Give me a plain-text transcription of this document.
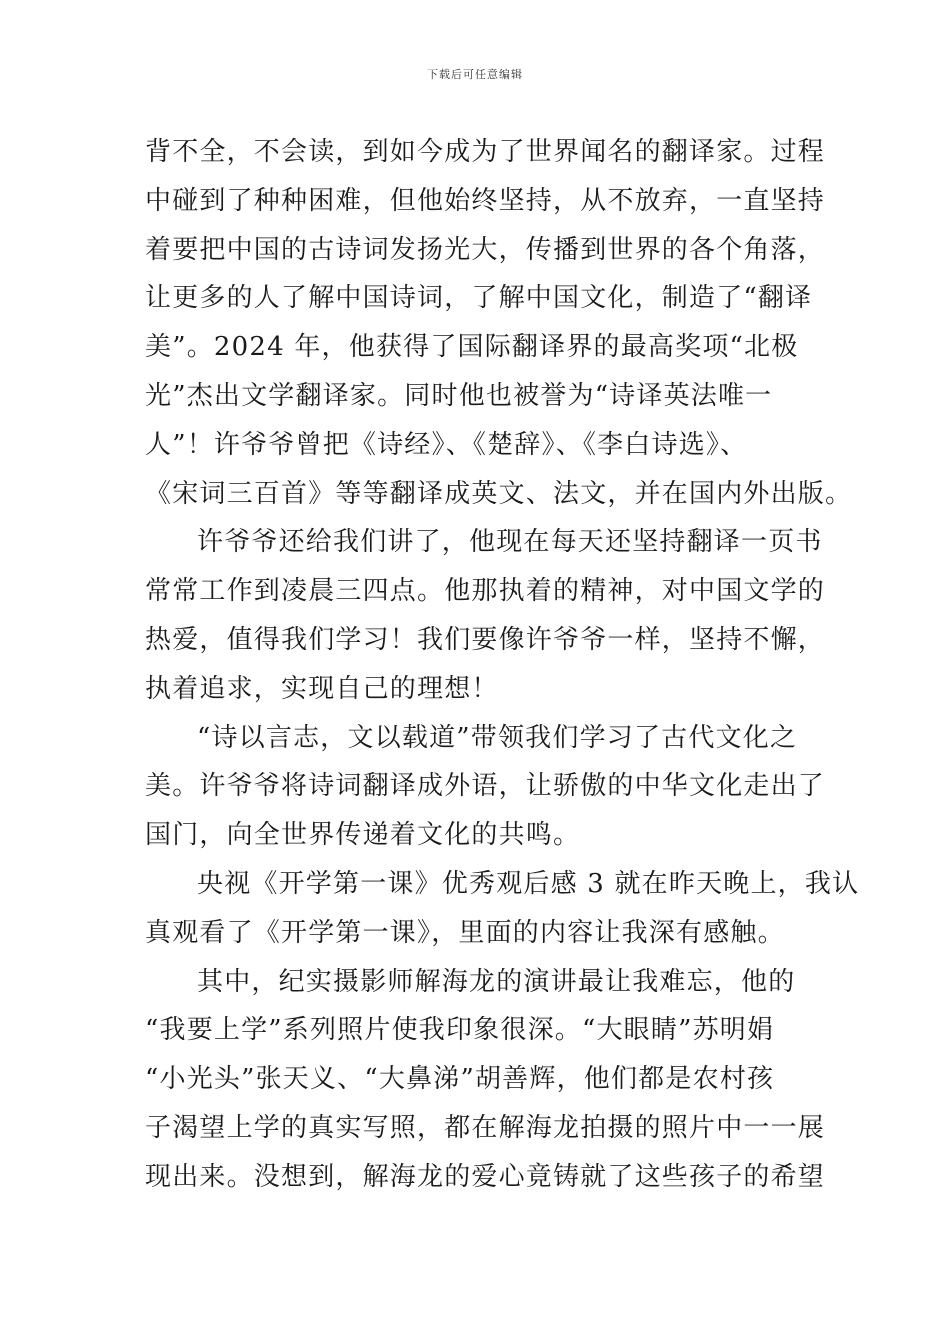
下载后可任意编辑
背不全，不会读，到如今成为了世界闻名的翻译家。过程
中碰到了种种困难，但他始终坚持，从不放弃，一直坚持
着要把中国的古诗词发扬光大，传播到世界的各个角落，
让更多的人了解中国诗词，了解中国文化，制造了“翻译
美”。2024 年，他获得了国际翻译界的最高奖项“北极
光”杰出文学翻译家。同时他也被誉为“诗译英法唯一
人”！许爷爷曾把《诗经》、《楚辞》、《李白诗选》、
《宋词三百首》等等翻译成英文、法文，并在国内外出版。
许爷爷还给我们讲了，他现在每天还坚持翻译一页书
常常工作到凌晨三四点。他那执着的精神，对中国文学的
热爱，值得我们学习！我们要像许爷爷一样，坚持不懈，
执着追求，实现自己的理想！
“诗以言志，文以载道”带领我们学习了古代文化之
美。许爷爷将诗词翻译成外语，让骄傲的中华文化走出了
国门，向全世界传递着文化的共鸣。
央视《开学第一课》优秀观后感 3 就在昨天晚上，我认
真观看了《开学第一课》，里面的内容让我深有感触。
其中，纪实摄影师解海龙的演讲最让我难忘，他的
“我要上学”系列照片使我印象很深。“大眼睛”苏明娟
“小光头”张天义、“大鼻涕”胡善辉，他们都是农村孩
子渴望上学的真实写照，都在解海龙拍摄的照片中一一展
现出来。没想到，解海龙的爱心竟铸就了这些孩子的希望
